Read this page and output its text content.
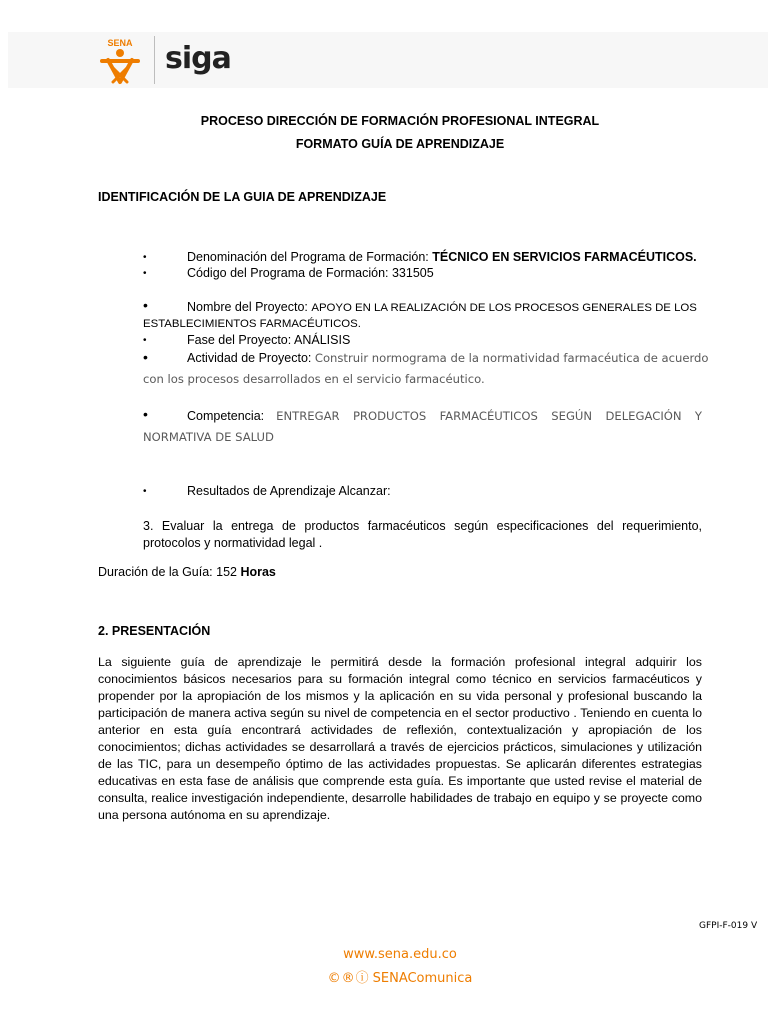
SENA siga
PROCESO DIRECCIÓN DE FORMACIÓN PROFESIONAL INTEGRAL
FORMATO GUÍA DE APRENDIZAJE
IDENTIFICACIÓN DE LA GUIA DE APRENDIZAJE
•	Denominación del Programa de Formación: TÉCNICO EN SERVICIOS FARMACÉUTICOS.
•	Código del Programa de Formación: 331505
•	Nombre del Proyecto: APOYO EN LA REALIZACIÓN DE LOS PROCESOS GENERALES DE LOS
ESTABLECIMIENTOS FARMACÉUTICOS.
•	Fase del Proyecto: ANÁLISIS
•	Actividad de Proyecto: Construir normograma de la normatividad farmacéutica de acuerdo
con los procesos desarrollados en el servicio farmacéutico.
•	Competencia: ENTREGAR PRODUCTOS FARMACÉUTICOS SEGÚN DELEGACIÓN Y
NORMATIVA DE SALUD
•	Resultados de Aprendizaje Alcanzar:
3. Evaluar la entrega de productos farmacéuticos según especificaciones del requerimiento, protocolos y normatividad legal .
Duración de la Guía: 152 Horas
2. PRESENTACIÓN
La siguiente guía de aprendizaje le permitirá desde la formación profesional integral adquirir los conocimientos básicos necesarios para su formación integral como técnico en servicios farmacéuticos y propender por la apropiación de los mismos y la aplicación en su vida personal y profesional buscando la participación de manera activa según su nivel de competencia en el sector productivo . Teniendo en cuenta lo anterior en esta guía encontrará actividades de reflexión, contextualización y apropiación de los conocimientos; dichas actividades se desarrollará a través de ejercicios prácticos, simulaciones y utilización de las TIC, para un desempeño óptimo de las actividades propuestas. Se aplicarán diferentes estrategias educativas en esta fase de análisis que comprende esta guía. Es importante que usted revise el material de consulta, realice investigación independiente, desarrolle habilidades de trabajo en equipo y se proyecte como una persona autónoma en su aprendizaje.
GFPI-F-019 V
www.sena.edu.co
©®ⓘ SENAComunica
